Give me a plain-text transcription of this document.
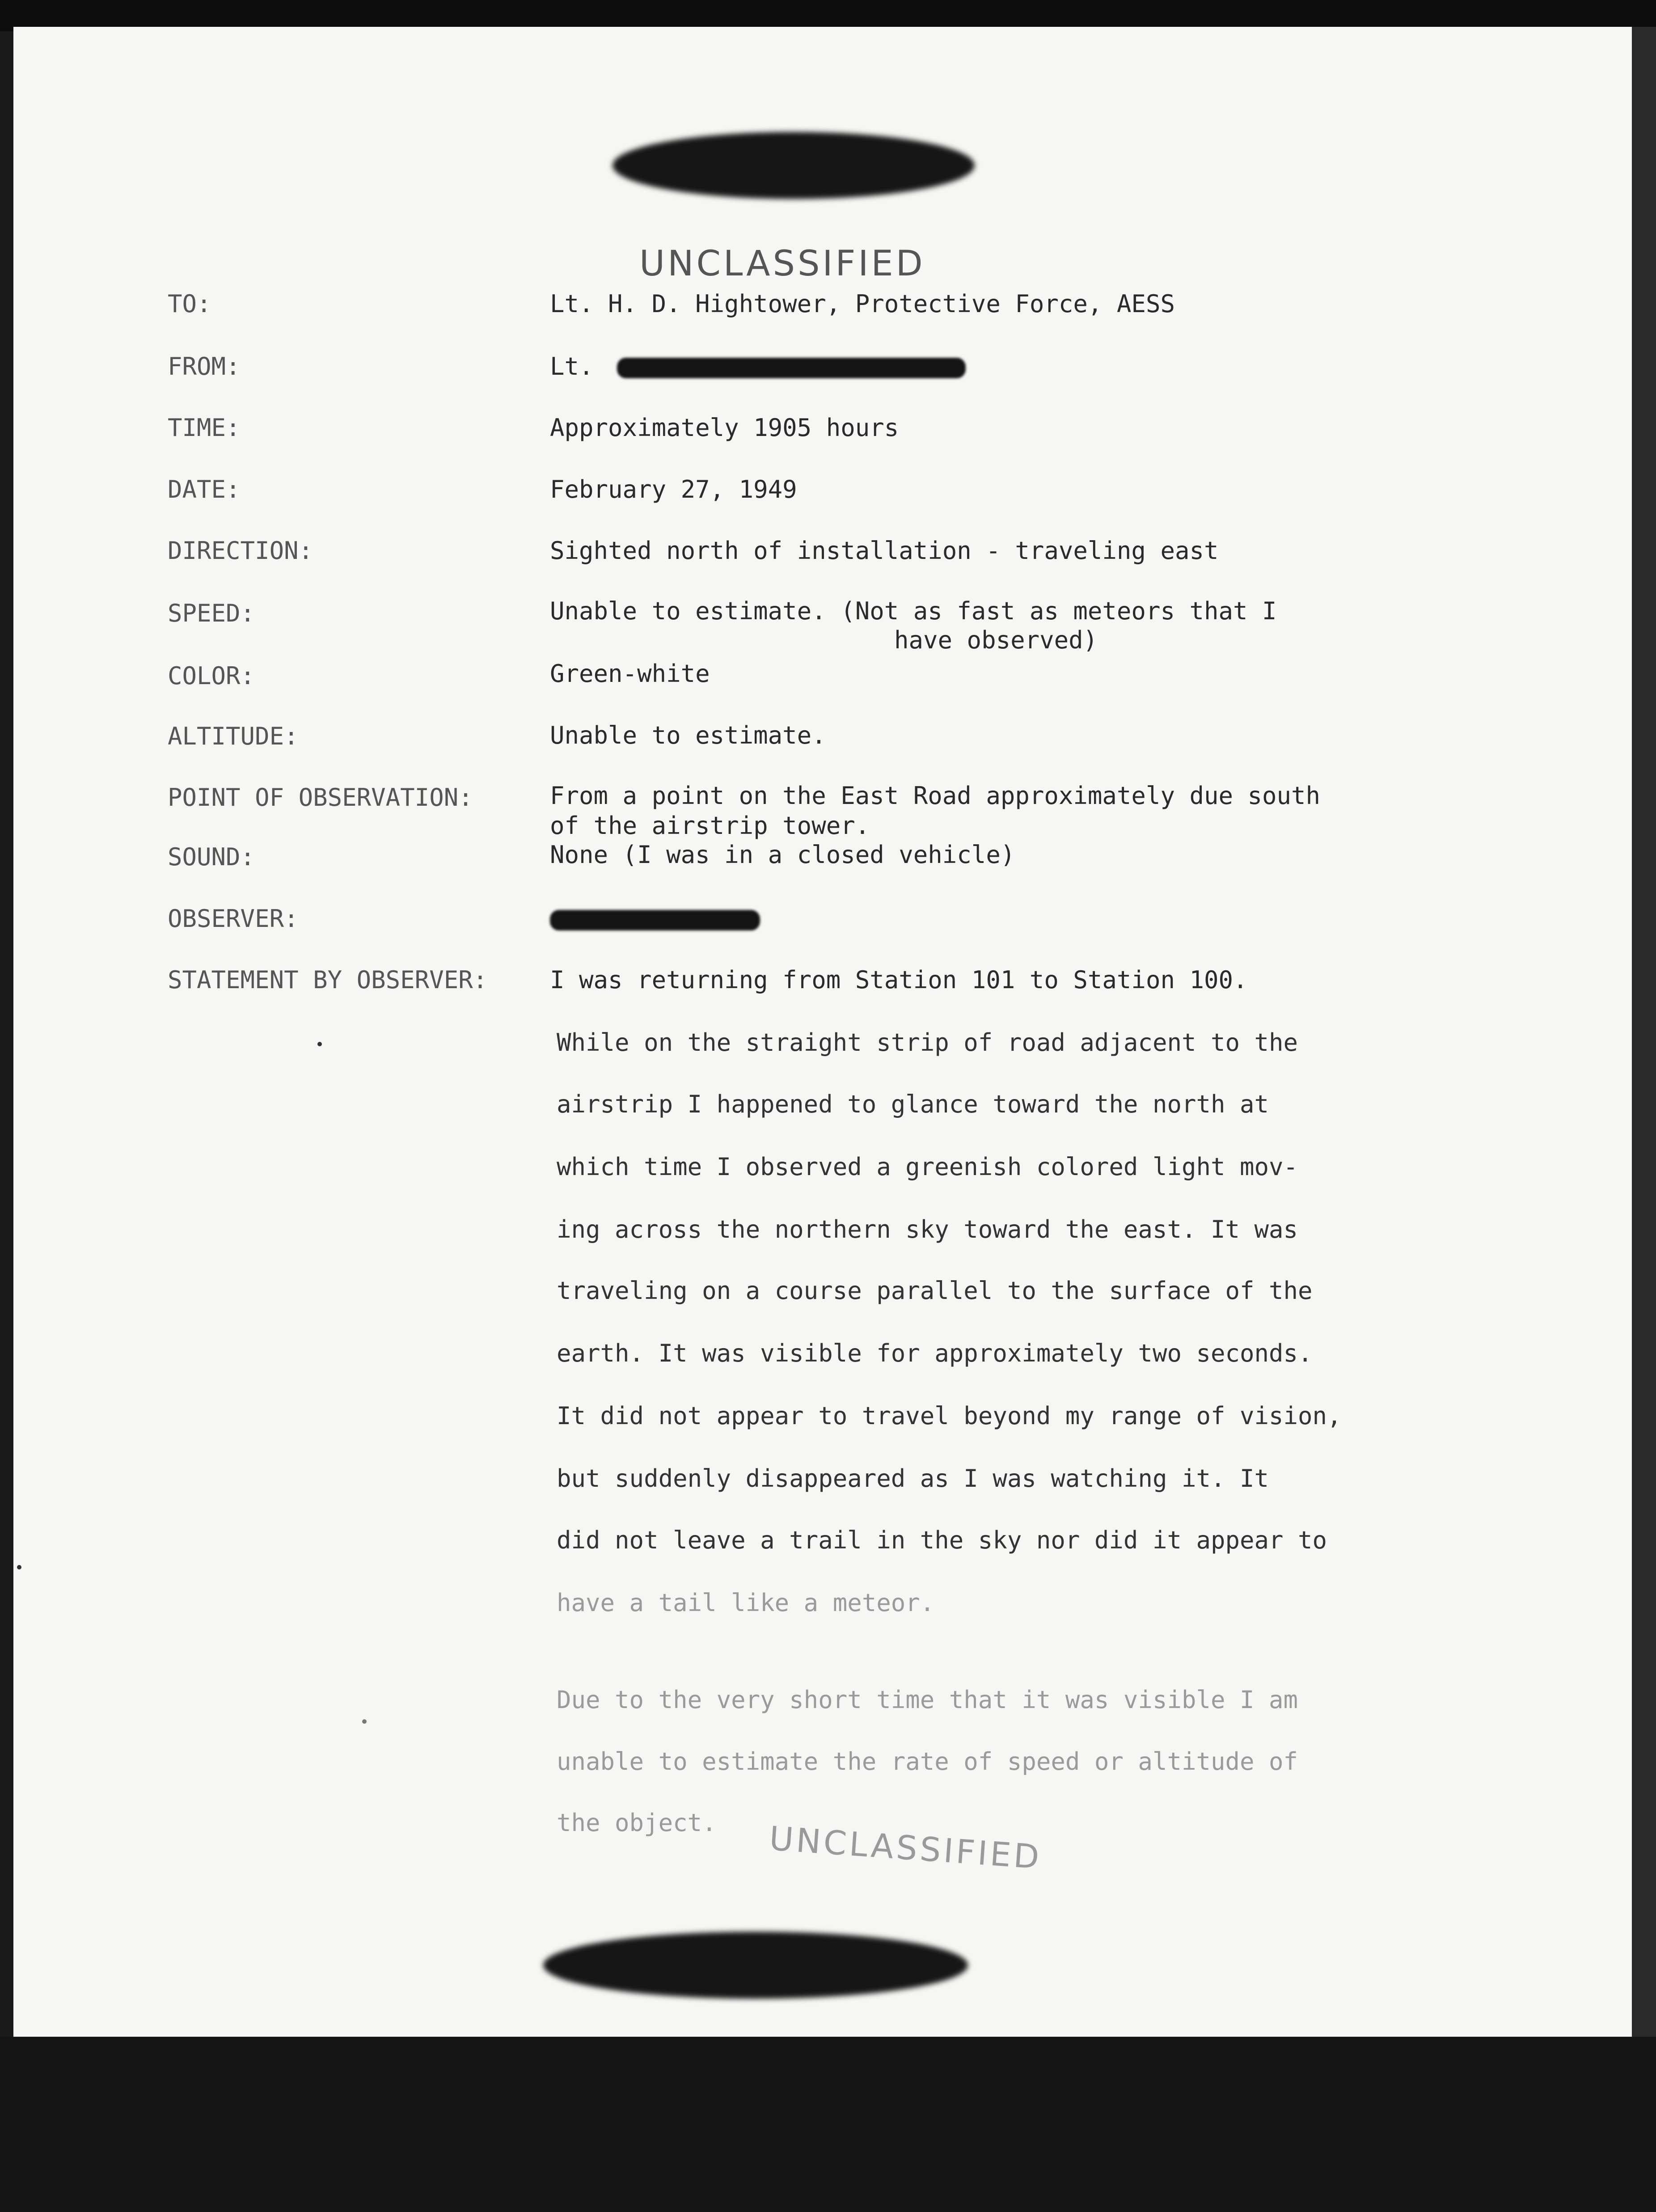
UNCLASSIFIED
UNCLASSIFIED
TO:	Lt. H. D. Hightower, Protective Force, AESS
FROM:	Lt.
TIME:	Approximately 1905 hours
DATE:	February 27, 1949
DIRECTION:	Sighted north of installation - traveling east
SPEED:	Unable to estimate. (Not as fast as meteors that I
have observed)
COLOR:	Green-white
ALTITUDE:	Unable to estimate.
POINT OF OBSERVATION:	From a point on the East Road approximately due south
of the airstrip tower.
SOUND:	None (I was in a closed vehicle)
OBSERVER:
STATEMENT BY OBSERVER:	I was returning from Station 101 to Station 100.
While on the straight strip of road adjacent to the
airstrip I happened to glance toward the north at
which time I observed a greenish colored light mov-
ing across the northern sky toward the east. It was
traveling on a course parallel to the surface of the
earth. It was visible for approximately two seconds.
It did not appear to travel beyond my range of vision,
but suddenly disappeared as I was watching it. It
did not leave a trail in the sky nor did it appear to
have a tail like a meteor.
Due to the very short time that it was visible I am
unable to estimate the rate of speed or altitude of
the object.
